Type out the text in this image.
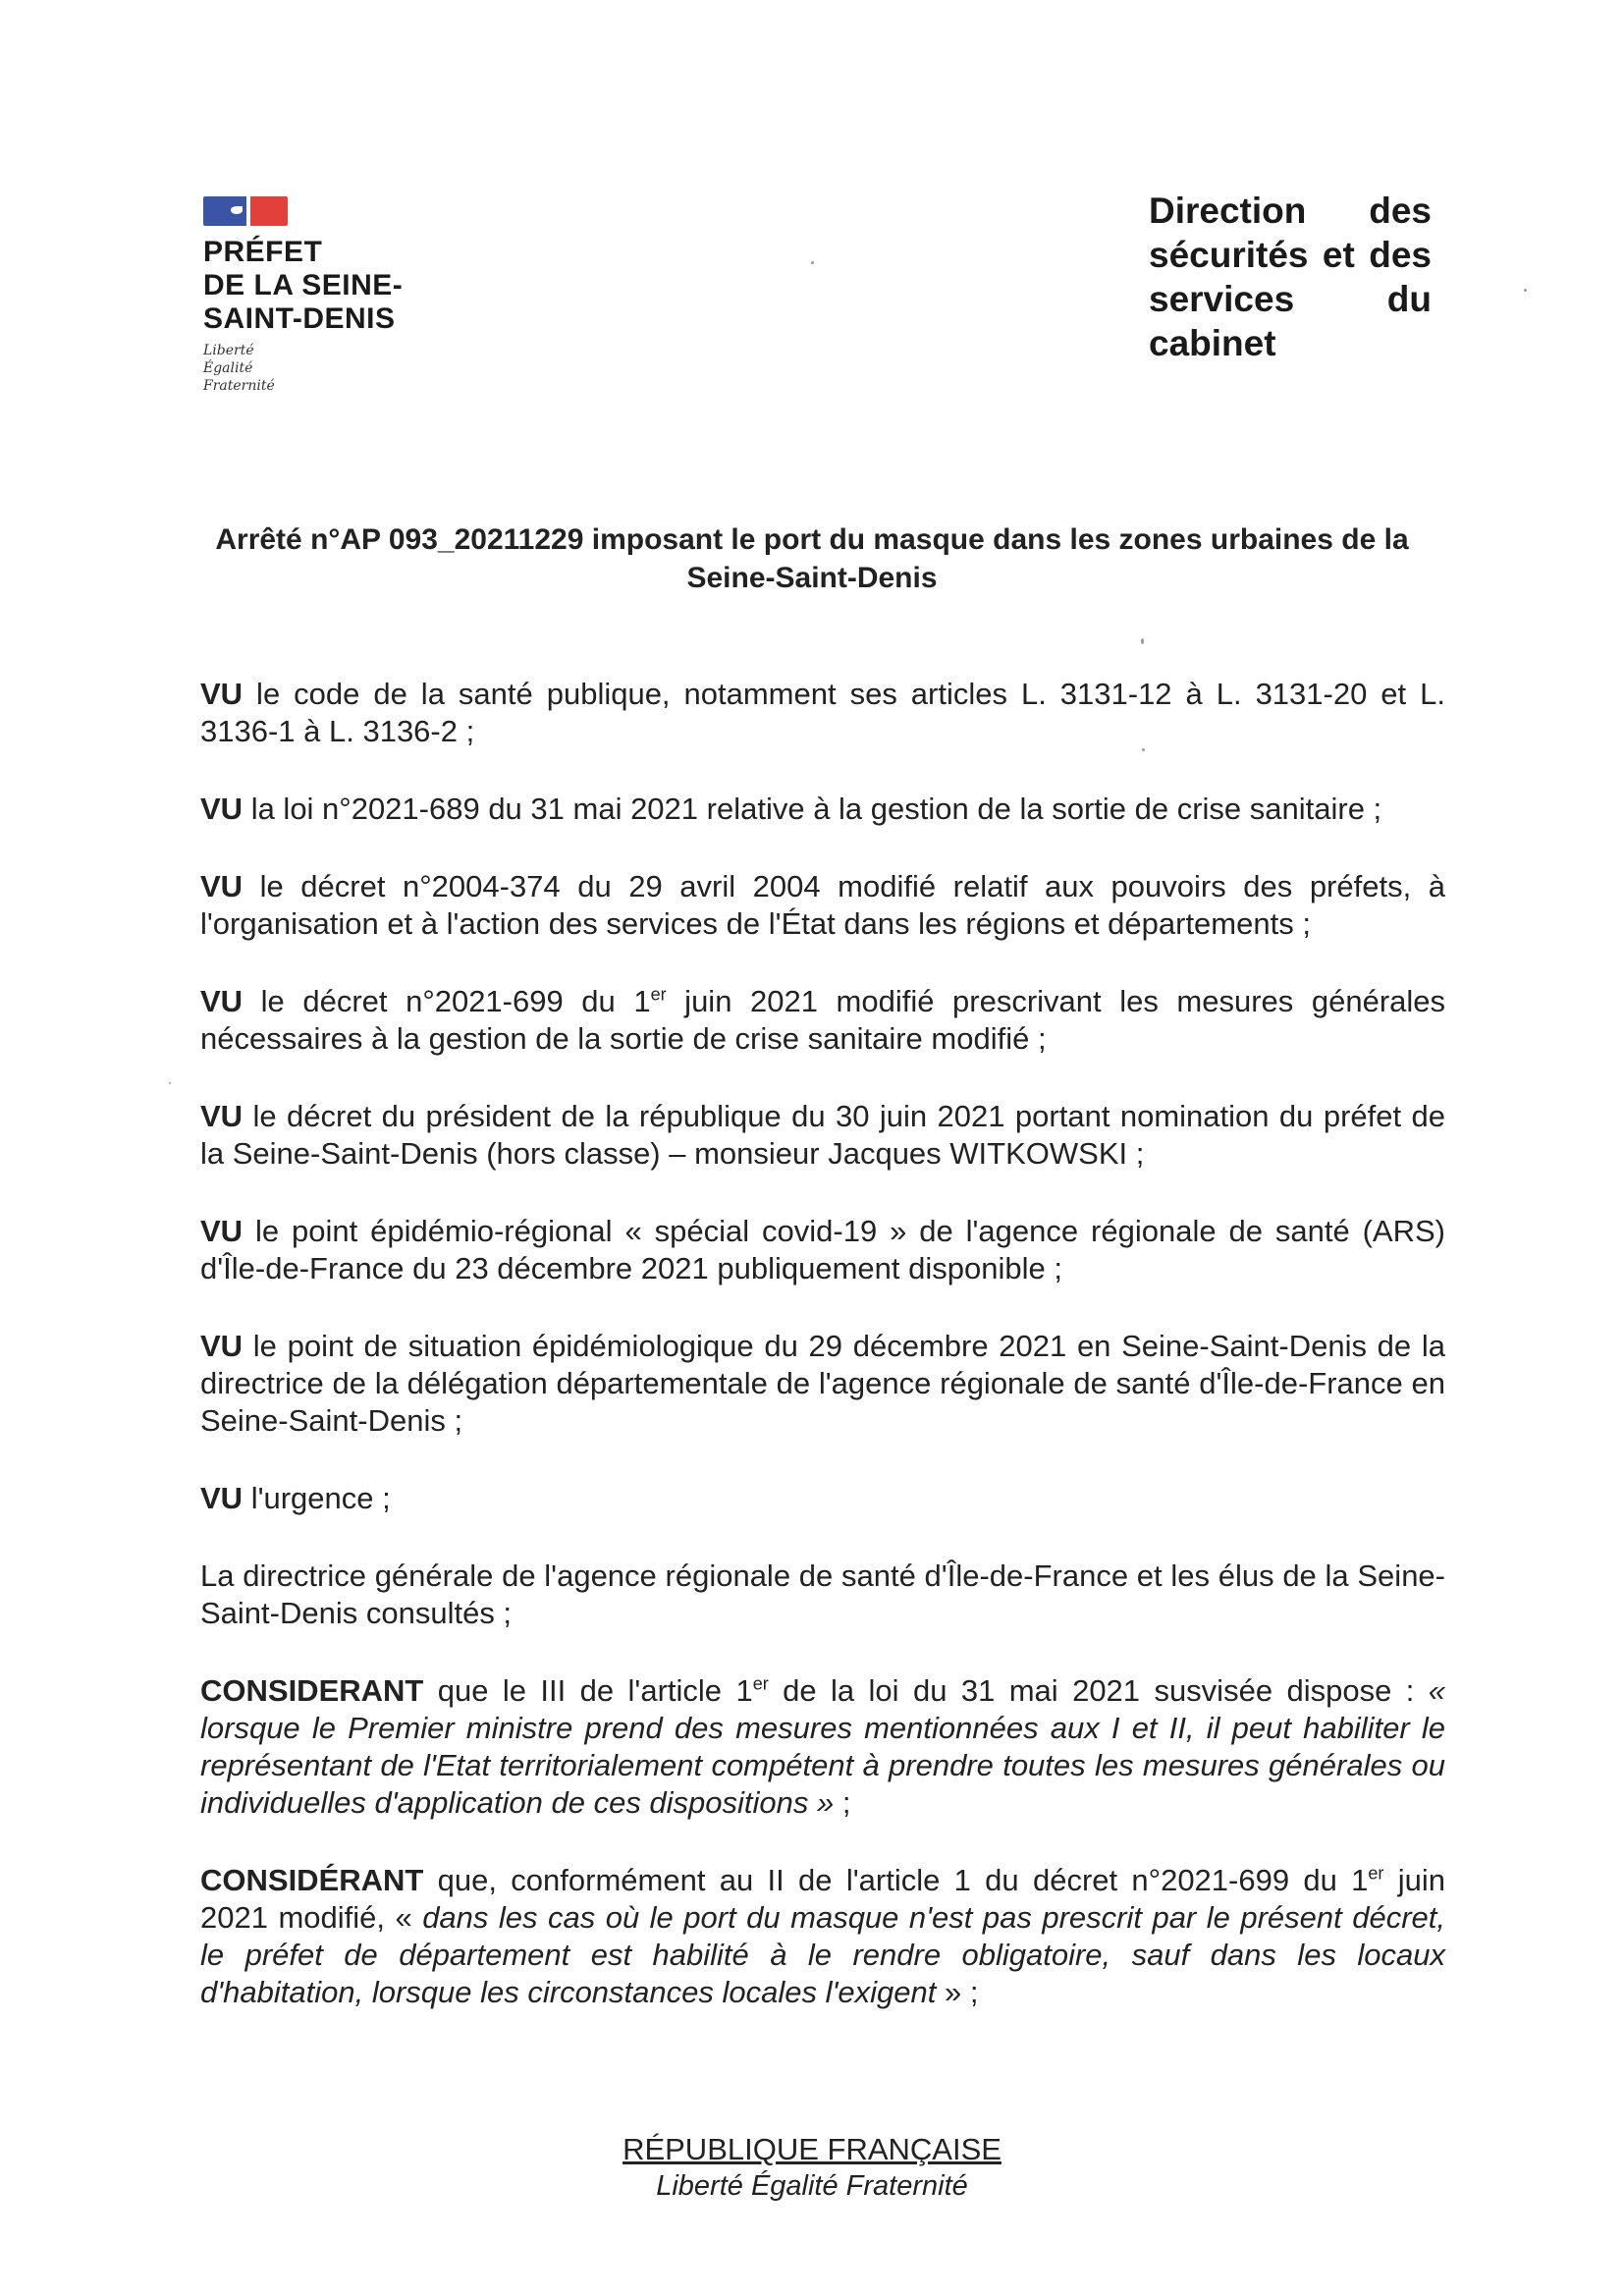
PRÉFET
DE LA SEINE-
SAINT-DENIS
Liberté
Égalité
Fraternité
Direction des sécurités et des services du cabinet
Arrêté n°AP 093_20211229 imposant le port du masque dans les zones urbaines de la Seine-Saint-Denis

VU le code de la santé publique, notamment ses articles L. 3131-12 à L. 3131-20 et L. 3136-1 à L. 3136-2 ;

VU la loi n°2021-689 du 31 mai 2021 relative à la gestion de la sortie de crise sanitaire ;

VU le décret n°2004-374 du 29 avril 2004 modifié relatif aux pouvoirs des préfets, à l'organisation et à l'action des services de l'État dans les régions et départements ;

VU le décret n°2021-699 du 1er juin 2021 modifié prescrivant les mesures générales nécessaires à la gestion de la sortie de crise sanitaire modifié ;

VU le décret du président de la république du 30 juin 2021 portant nomination du préfet de la Seine-Saint-Denis (hors classe) – monsieur Jacques WITKOWSKI ;

VU le point épidémio-régional « spécial covid-19 » de l'agence régionale de santé (ARS) d'Île-de-France du 23 décembre 2021 publiquement disponible ;

VU le point de situation épidémiologique du 29 décembre 2021 en Seine-Saint-Denis de la directrice de la délégation départementale de l'agence régionale de santé d'Île-de-France en Seine-Saint-Denis ;

VU l'urgence ;

La directrice générale de l'agence régionale de santé d'Île-de-France et les élus de la Seine-Saint-Denis consultés ;

CONSIDERANT que le III de l'article 1er de la loi du 31 mai 2021 susvisée dispose : « lorsque le Premier ministre prend des mesures mentionnées aux I et II, il peut habiliter le représentant de l'Etat territorialement compétent à prendre toutes les mesures générales ou individuelles d'application de ces dispositions » ;

CONSIDÉRANT que, conformément au II de l'article 1 du décret n°2021-699 du 1er juin 2021 modifié, « dans les cas où le port du masque n'est pas prescrit par le présent décret, le préfet de département est habilité à le rendre obligatoire, sauf dans les locaux d'habitation, lorsque les circonstances locales l'exigent » ;

RÉPUBLIQUE FRANÇAISE
Liberté Égalité Fraternité
